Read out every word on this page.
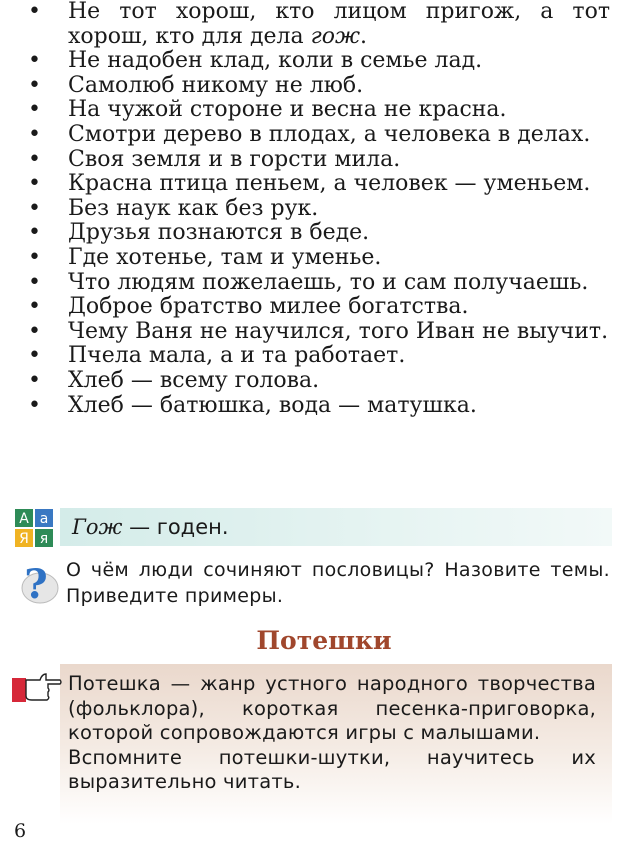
• Не тот хорош, кто лицом пригож, а тот хорош, кто для дела гож.
• Не надобен клад, коли в семье лад.
• Самолюб никому не люб.
• На чужой стороне и весна не красна.
• Смотри дерево в плодах, а человека в делах.
• Своя земля и в горсти мила.
• Красна птица пеньем, а человек — уменьем.
• Без наук как без рук.
• Друзья познаются в беде.
• Где хотенье, там и уменье.
• Что людям пожелаешь, то и сам получаешь.
• Доброе братство милее богатства.
• Чему Ваня не научился, того Иван не выучит.
• Пчела мала, а и та работает.
• Хлеб — всему голова.
• Хлеб — батюшка, вода — матушка.
А а
Я я Гож — годен.
? О чём люди сочиняют пословицы? Назовите темы. Приведите примеры.
Потешки

Потешка — жанр устного народного творчества (фольклора), короткая песенка-приговорка, которой сопровождаются игры с малышами.

Вспомните потешки-шутки, научитесь их выразительно читать.

6
